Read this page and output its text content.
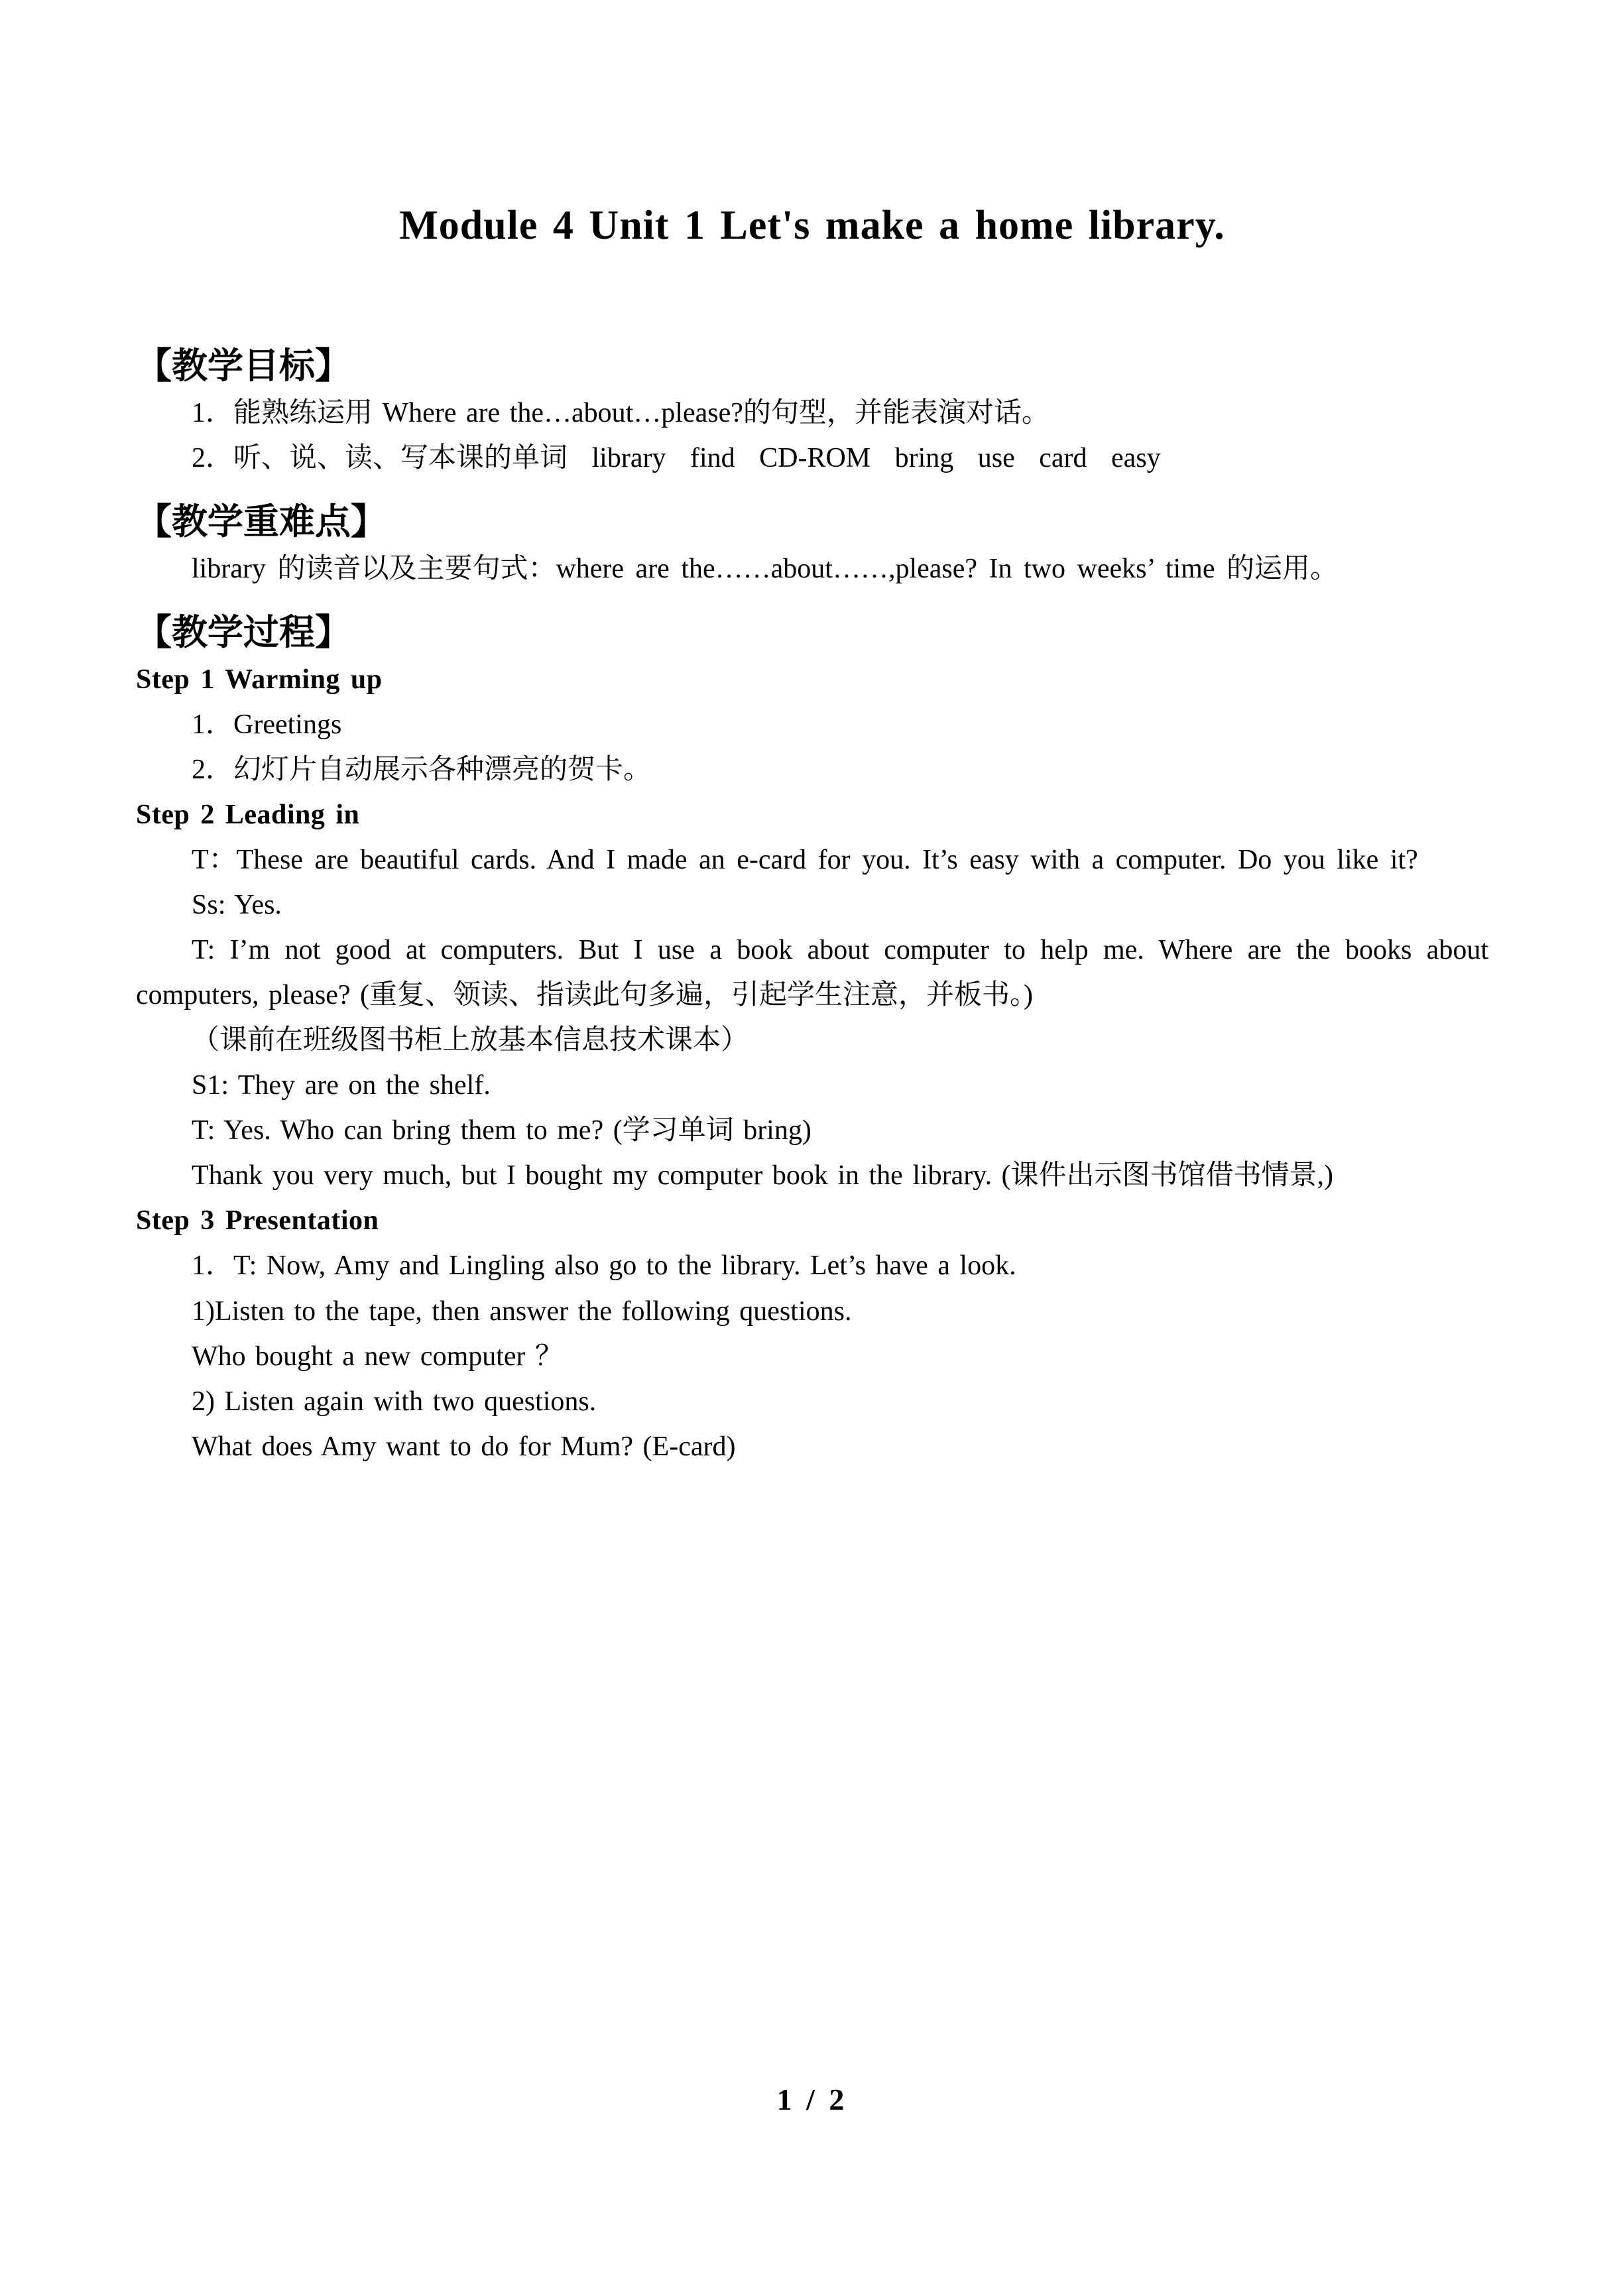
Module 4 Unit 1 Let's make a home library.
【教学目标】

1．能熟练运用 Where are the…about…please?的句型，并能表演对话。

2．听、说、读、写本课的单词 library find CD-ROM bring use card easy

【教学重难点】

library 的读音以及主要句式：where are the……about……,please? In two weeks’ time 的运用。

【教学过程】
Step 1 Warming up

1．Greetings

2．幻灯片自动展示各种漂亮的贺卡。

Step 2 Leading in

T：These are beautiful cards. And I made an e-card for you. It’s easy with a computer. Do you like it?

Ss: Yes.

T: I’m not good at computers. But I use a book about computer to help me. Where are the books about computers, please? (重复、领读、指读此句多遍，引起学生注意，并板书。)

（课前在班级图书柜上放基本信息技术课本）

S1: They are on the shelf.

T: Yes. Who can bring them to me? (学习单词 bring)

Thank you very much, but I bought my computer book in the library. (课件出示图书馆借书情景,)

Step 3 Presentation

1．T: Now, Amy and Lingling also go to the library. Let’s have a look.

1)Listen to the tape, then answer the following questions.

Who bought a new computer ？

2) Listen again with two questions.

What does Amy want to do for Mum? (E-card)

1 / 2
